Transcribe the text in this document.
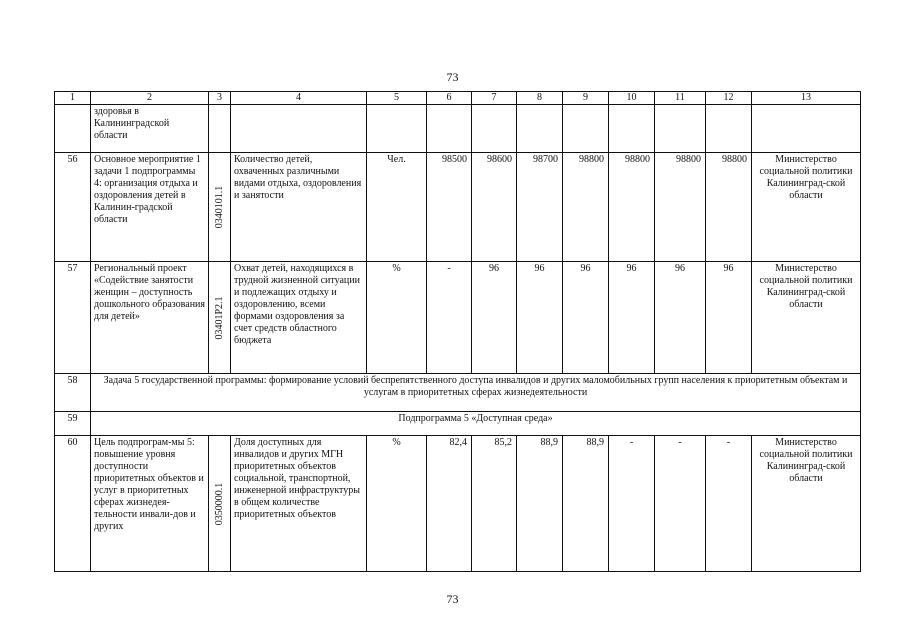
73
1	2	3	4	5	6	7	8	9	10	11	12	13
	здоровья в Калининградской области											
56	Основное мероприятие 1 задачи 1 подпрограммы 4: организация отдыха и оздоровления детей в Калинин-градской области	0340101.1	Количество детей, охваченных различными видами отдыха, оздоровления и занятости	Чел.	98500	98600	98700	98800	98800	98800	98800	Министерство социальной политики Калининград-ской области
57	Региональный проект «Содействие занятости женщин – доступность дошкольного образования для детей»	03401P2.1	Охват детей, находящихся в трудной жизненной ситуации и подлежащих отдыху и оздоровлению, всеми формами оздоровления за счет средств областного бюджета	%	-	96	96	96	96	96	96	Министерство социальной политики Калининград-ской области
58	Задача 5 государственной программы: формирование условий беспрепятственного доступа инвалидов и других маломобильных групп населения к приоритетным объектам и услугам в приоритетных сферах жизнедеятельности											
59	Подпрограмма 5 «Доступная среда»											
60	Цель подпрограм-мы 5: повышение уровня доступности приоритетных объектов и услуг в приоритетных сферах жизнедея-тельности инвали-дов и других	0350000.1	Доля доступных для инвалидов и других МГН приоритетных объектов социальной, транспортной, инженерной инфраструктуры в общем количестве приоритетных объектов	%	82,4	85,2	88,9	88,9	-	-	-	Министерство социальной политики Калининград-ской области
73
